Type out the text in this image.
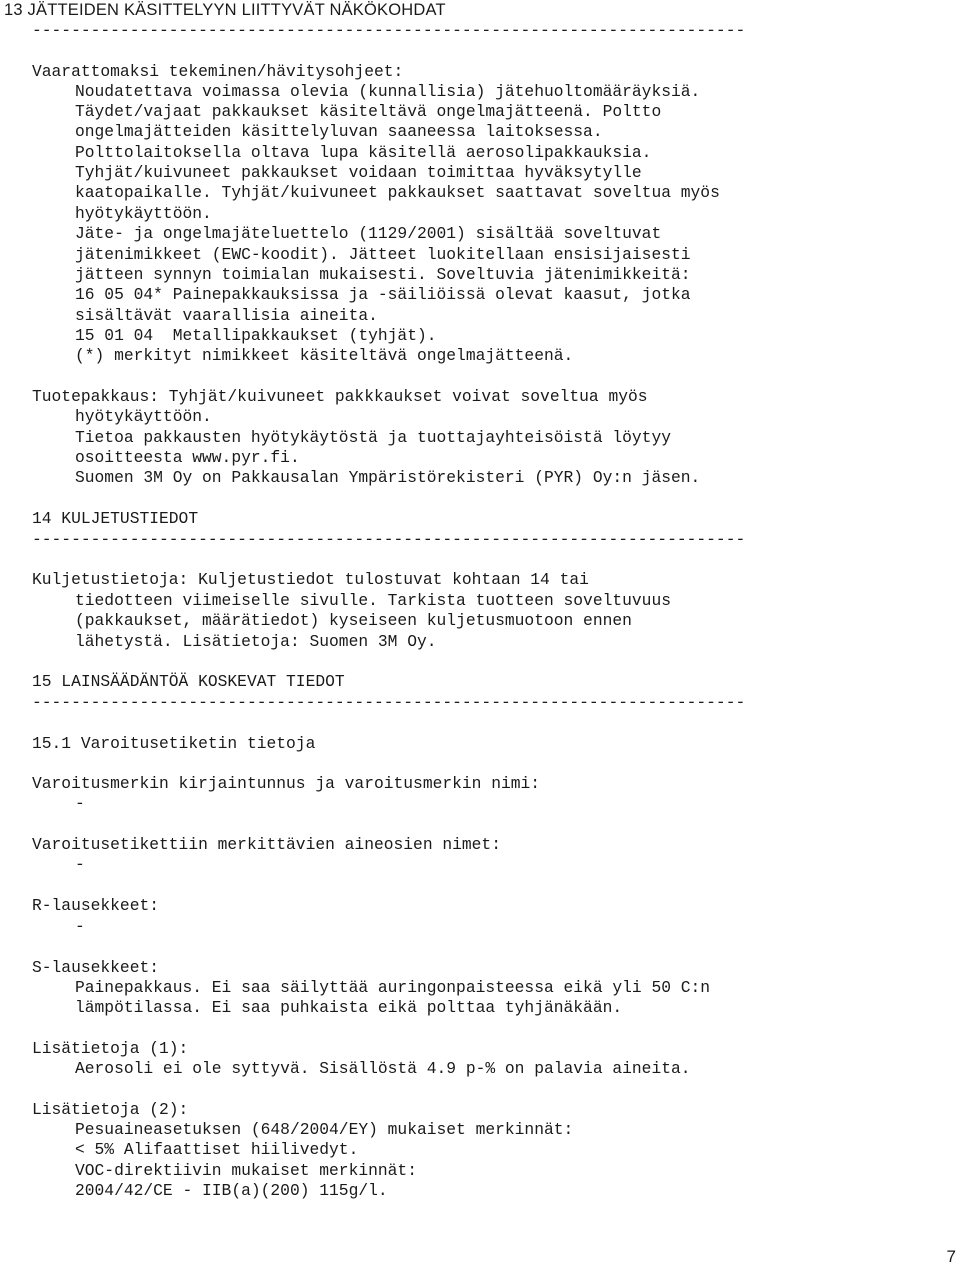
13 JÄTTEIDEN KÄSITTELYYN LIITTYVÄT NÄKÖKOHDAT
-------------------------------------------------------------------------
Vaarattomaksi tekeminen/hävitysohjeet:
Noudatettava voimassa olevia (kunnallisia) jätehuoltomääräyksiä.
Täydet/vajaat pakkaukset käsiteltävä ongelmajätteenä. Poltto
ongelmajätteiden käsittelyluvan saaneessa laitoksessa.
Polttolaitoksella oltava lupa käsitellä aerosolipakkauksia.
Tyhjät/kuivuneet pakkaukset voidaan toimittaa hyväksytylle
kaatopaikalle. Tyhjät/kuivuneet pakkaukset saattavat soveltua myös
hyötykäyttöön.
Jäte- ja ongelmajäteluettelo (1129/2001) sisältää soveltuvat
jätenimikkeet (EWC-koodit). Jätteet luokitellaan ensisijaisesti
jätteen synnyn toimialan mukaisesti. Soveltuvia jätenimikkeitä:
16 05 04* Painepakkauksissa ja -säiliöissä olevat kaasut, jotka
sisältävät vaarallisia aineita.
15 01 04  Metallipakkaukset (tyhjät).
(*) merkityt nimikkeet käsiteltävä ongelmajätteenä.
Tuotepakkaus: Tyhjät/kuivuneet pakkkaukset voivat soveltua myös
hyötykäyttöön.
Tietoa pakkausten hyötykäytöstä ja tuottajayhteisöistä löytyy
osoitteesta www.pyr.fi.
Suomen 3M Oy on Pakkausalan Ympäristörekisteri (PYR) Oy:n jäsen.
14 KULJETUSTIEDOT
-------------------------------------------------------------------------
Kuljetustietoja: Kuljetustiedot tulostuvat kohtaan 14 tai
tiedotteen viimeiselle sivulle. Tarkista tuotteen soveltuvuus
(pakkaukset, määrätiedot) kyseiseen kuljetusmuotoon ennen
lähetystä. Lisätietoja: Suomen 3M Oy.
15 LAINSÄÄDÄNTÖÄ KOSKEVAT TIEDOT
-------------------------------------------------------------------------
15.1 Varoitusetiketin tietoja
Varoitusmerkin kirjaintunnus ja varoitusmerkin nimi:
-
Varoitusetikettiin merkittävien aineosien nimet:
-
R-lausekkeet:
-
S-lausekkeet:
Painepakkaus. Ei saa säilyttää auringonpaisteessa eikä yli 50 C:n
lämpötilassa. Ei saa puhkaista eikä polttaa tyhjänäkään.
Lisätietoja (1):
Aerosoli ei ole syttyvä. Sisällöstä 4.9 p-% on palavia aineita.
Lisätietoja (2):
Pesuaineasetuksen (648/2004/EY) mukaiset merkinnät:
< 5% Alifaattiset hiilivedyt.
VOC-direktiivin mukaiset merkinnät:
2004/42/CE - IIB(a)(200) 115g/l.
7
